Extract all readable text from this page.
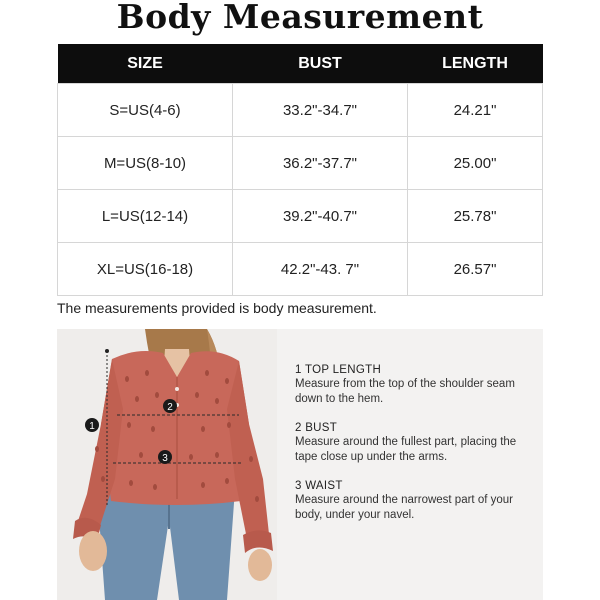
Body Measurement
SIZE	BUST	LENGTH
S=US(4-6)	33.2"-34.7"	24.21"
M=US(8-10)	36.2"-37.7"	25.00"
L=US(12-14)	39.2"-40.7"	25.78"
XL=US(16-18)	42.2"-43. 7"	26.57"
The measurements provided is body measurement.
1
2
3
1 TOP LENGTH
Measure from the top of the shoulder seam down to the hem.
2 BUST
Measure around the fullest part, placing the tape close up under the arms.
3 WAIST
Measure around the narrowest part of your body, under your navel.
